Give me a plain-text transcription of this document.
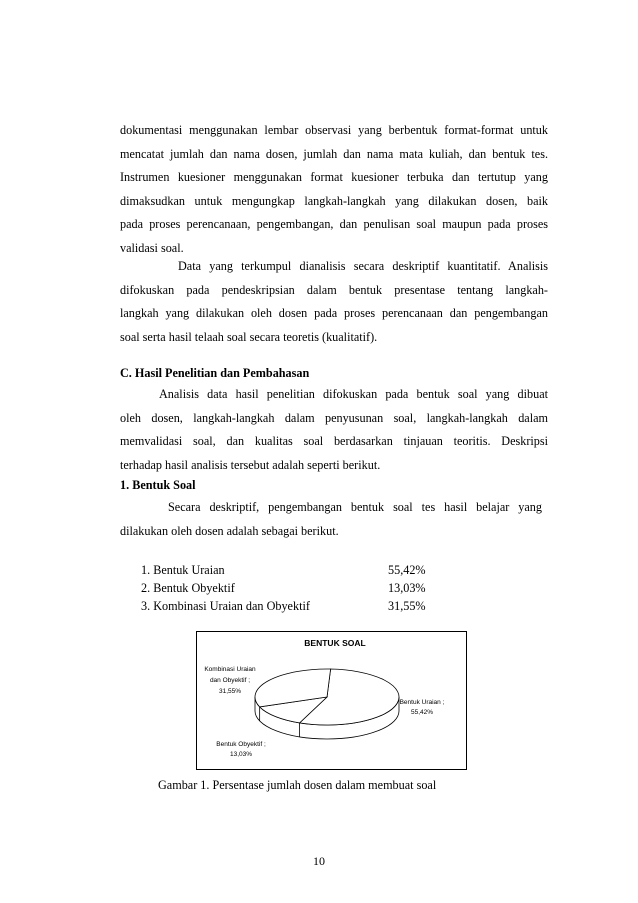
dokumentasi menggunakan lembar observasi yang berbentuk format-format untuk
mencatat jumlah dan nama dosen, jumlah dan nama mata kuliah, dan bentuk tes.
Instrumen kuesioner menggunakan format kuesioner terbuka dan tertutup yang
dimaksudkan untuk mengungkap langkah-langkah yang dilakukan dosen, baik
pada proses perencanaan, pengembangan, dan penulisan soal maupun pada proses
validasi soal.
Data yang terkumpul dianalisis secara deskriptif kuantitatif. Analisis
difokuskan pada pendeskripsian dalam bentuk presentase tentang langkah-
langkah yang dilakukan oleh dosen pada proses perencanaan dan pengembangan
soal serta hasil telaah soal secara teoretis (kualitatif).

C. Hasil Penelitian dan Pembahasan

Analisis data hasil penelitian difokuskan pada bentuk soal yang dibuat
oleh dosen, langkah-langkah dalam penyusunan soal, langkah-langkah dalam
memvalidasi soal, dan kualitas soal berdasarkan tinjauan teoritis. Deskripsi
terhadap hasil analisis tersebut adalah seperti berikut.

1. Bentuk Soal

Secara deskriptif, pengembangan bentuk soal tes hasil belajar yang
dilakukan oleh dosen adalah sebagai berikut.
1. Bentuk Uraian	55,42%
2. Bentuk Obyektif	13,03%
3. Kombinasi Uraian dan Obyektif	31,55%
BENTUK SOAL
Bentuk Uraian ;
55,42%
Bentuk Obyektif ;
13,03%
Kombinasi Uraian
dan Obyektif ;
31,55%
Gambar 1. Persentase jumlah dosen dalam membuat soal
10
